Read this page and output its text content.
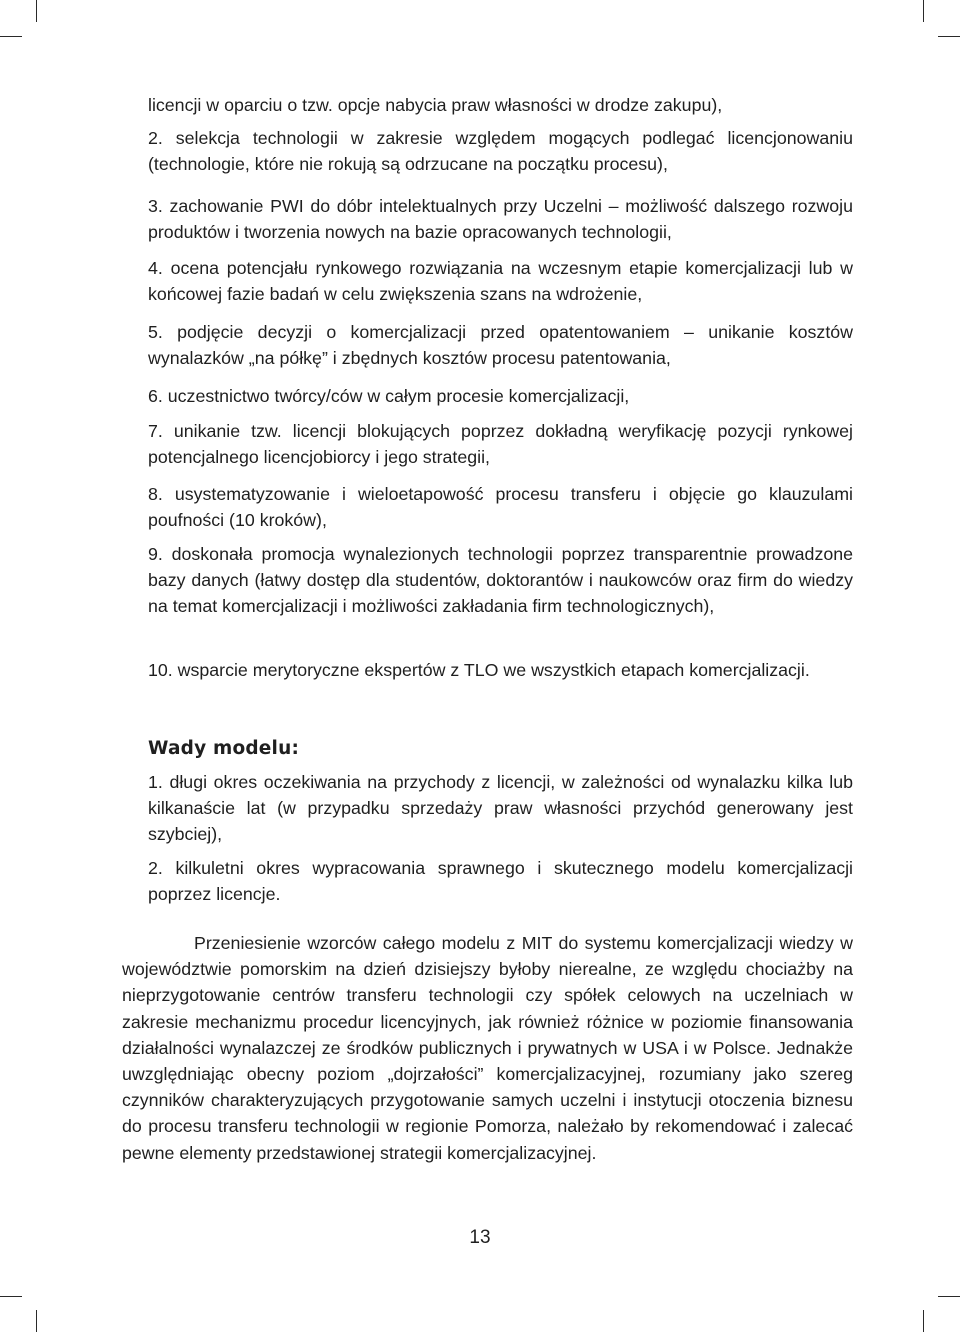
licencji w oparciu o tzw. opcje nabycia praw własności w drodze zakupu),

2. selekcja technologii w zakresie względem mogących podlegać licencjonowaniu (technologie, które nie rokują są odrzucane na początku procesu),

3. zachowanie PWI do dóbr intelektualnych przy Uczelni – możliwość dalszego rozwoju produktów i tworzenia nowych na bazie opracowanych technologii,

4. ocena potencjału rynkowego rozwiązania na wczesnym etapie komercjalizacji lub w końcowej fazie badań w celu zwiększenia szans na wdrożenie,

5. podjęcie decyzji o komercjalizacji przed opatentowaniem – unikanie kosztów wynalazków „na półkę” i zbędnych kosztów procesu patentowania,

6. uczestnictwo twórcy/ców w całym procesie komercjalizacji,

7. unikanie tzw. licencji blokujących poprzez dokładną weryfikację pozycji rynkowej potencjalnego licencjobiorcy i jego strategii,

8. usystematyzowanie i wieloetapowość procesu transferu i objęcie go klauzulami poufności (10 kroków),

9. doskonała promocja wynalezionych technologii poprzez transparentnie prowadzone bazy danych (łatwy dostęp dla studentów, doktorantów i naukowców oraz firm do wiedzy na temat komercjalizacji i możliwości zakładania firm technologicznych),

10. wsparcie merytoryczne ekspertów z TLO we wszystkich etapach komercjalizacji.

Wady modelu:

1. długi okres oczekiwania na przychody z licencji, w zależności od wynalazku kilka lub kilkanaście lat (w przypadku sprzedaży praw własności przychód generowany jest szybciej),

2. kilkuletni okres wypracowania sprawnego i skutecznego modelu komercjalizacji poprzez licencje.

Przeniesienie wzorców całego modelu z MIT do systemu komercjalizacji wiedzy w województwie pomorskim na dzień dzisiejszy byłoby nierealne, ze względu chociażby na nieprzygotowanie centrów transferu technologii czy spółek celowych na uczelniach w zakresie mechanizmu procedur licencyjnych, jak również różnice w poziomie finansowania działalności wynalazczej ze środków publicznych i prywatnych w USA i w Polsce. Jednakże uwzględniając obecny poziom „dojrzałości” komercjalizacyjnej, rozumiany jako szereg czynników charakteryzujących przygotowanie samych uczelni i instytucji otoczenia biznesu do procesu transferu technologii w regionie Pomorza, należało by rekomendować i zalecać pewne elementy przedstawionej strategii komercjalizacyjnej.

13
